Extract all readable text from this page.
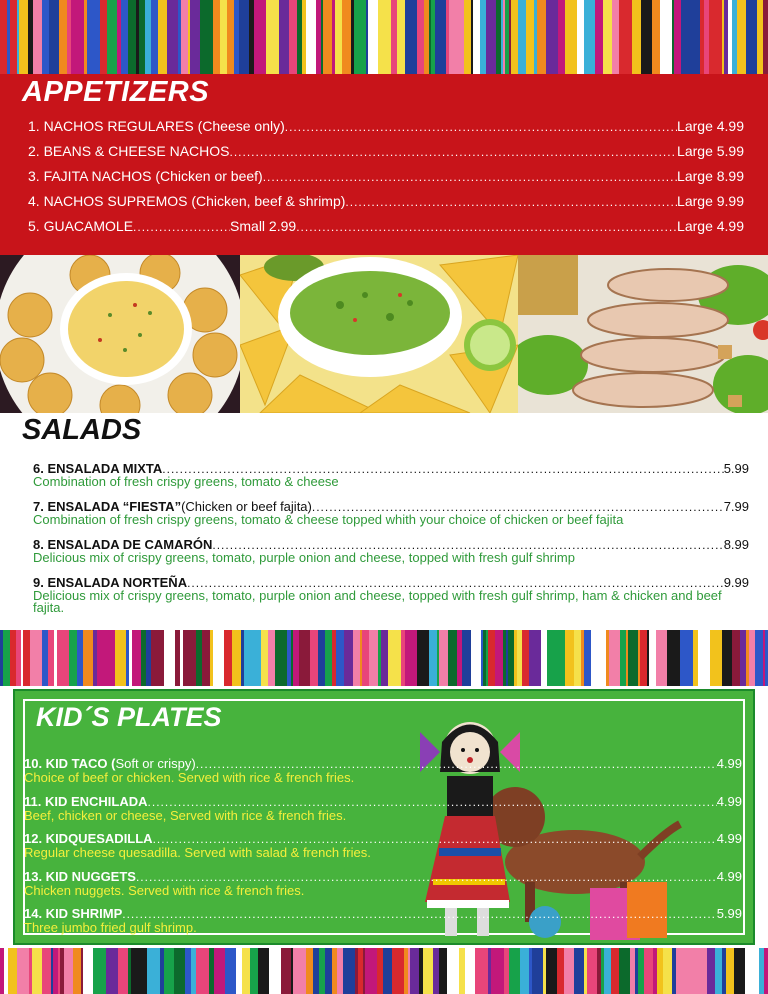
APPETIZERS
1. NACHOS REGULARES (Cheese only) .....	Large 4.99
2. BEANS & CHEESE NACHOS .....	Large 5.99
3. FAJITA NACHOS (Chicken or beef) .....	Large 8.99
4. NACHOS SUPREMOS (Chicken, beef & shrimp) .....	Large 9.99
5. GUACAMOLE .....	Small 2.99 .....	Large 4.99
SALADS
6. ENSALADA MIXTA .....	5.99
Combination of fresh crispy greens, tomato & cheese
7. ENSALADA “FIESTA” (Chicken or beef fajita) .....	7.99
Combination of fresh crispy greens, tomato & cheese topped whith your choice of chicken or beef fajita
8. ENSALADA DE CAMARÓN .....	8.99
Delicious mix of crispy greens, tomato, purple onion and cheese, topped with fresh gulf shrimp
9. ENSALADA NORTEÑA .....	9.99
Delicious mix of crispy greens, tomato, purple onion and cheese, topped with fresh gulf shrimp, ham & chicken and beef fajita.
KID´S PLATES
10. KID TACO ( Soft or crispy) .....	4.99
Choice of beef or chicken. Served with rice & french fries.
11. KID ENCHILADA .....	4.99
Beef, chicken or cheese, Served with rice & french fries.
12. KIDQUESADILLA .....	4.99
Regular cheese quesadilla. Served with salad & french fries.
13. KID NUGGETS .....	4.99
Chicken nuggets. Served with rice & french fries.
14. KID SHRIMP .....	5.99
Three jumbo fried gulf shrimp.
